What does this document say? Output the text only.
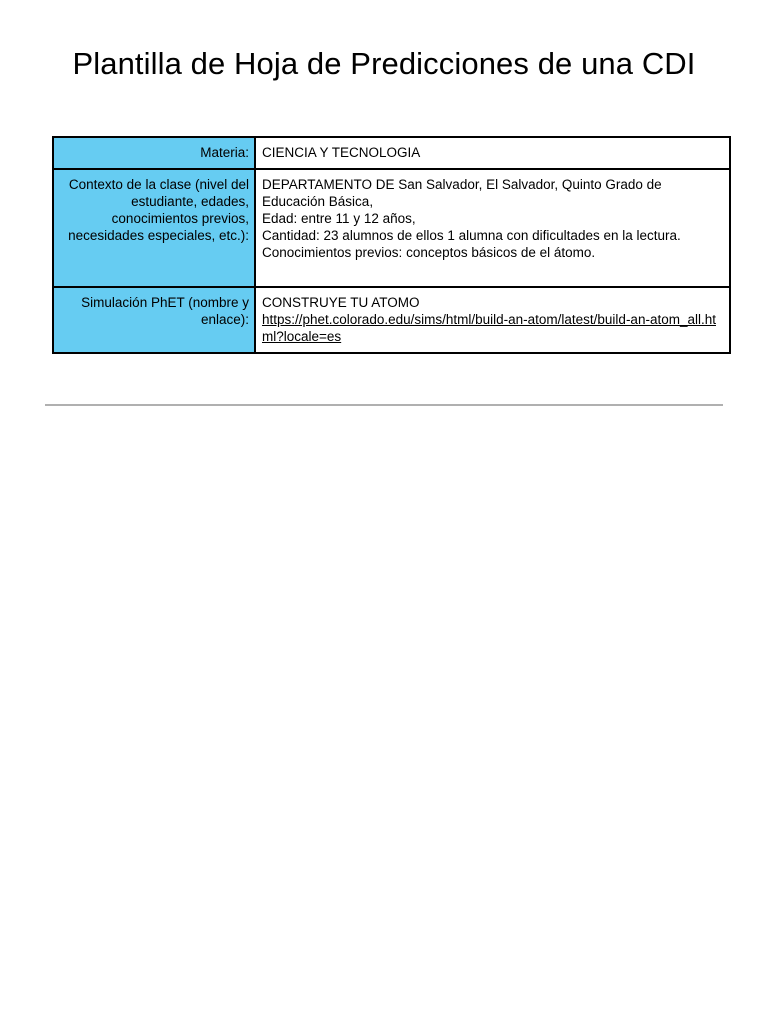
Plantilla de Hoja de Predicciones de una CDI
Materia:	CIENCIA Y TECNOLOGIA

Contexto de la clase (nivel del estudiante, edades, conocimientos previos, necesidades especiales, etc.):	DEPARTAMENTO DE San Salvador, El Salvador, Quinto Grado de Educación Básica,
Edad: entre 11 y 12 años,
Cantidad: 23 alumnos de ellos 1 alumna con dificultades en la lectura.
Conocimientos previos: conceptos básicos de el átomo.

Simulación PhET (nombre y enlace):	CONSTRUYE TU ATOMO
https://phet.colorado.edu/sims/html/build-an-atom/latest/build-an-atom_all.html?locale=es
